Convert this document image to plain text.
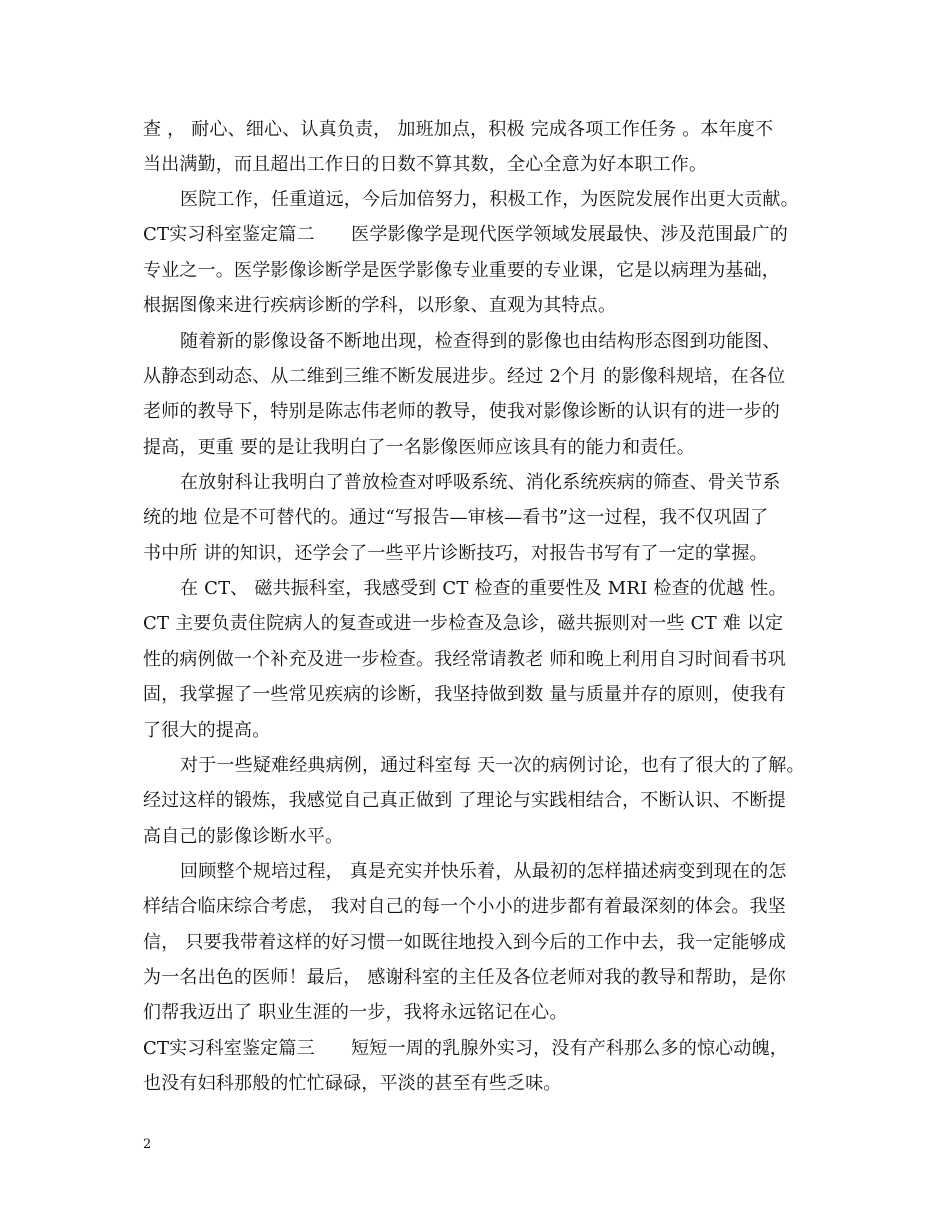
查 ， 耐心、细心、认真负责， 加班加点，积极 完成各项工作任务 。本年度不
当出满勤，而且超出工作日的日数不算其数，全心全意为好本职工作。
医院工作，任重道远，今后加倍努力，积极工作，为医院发展作出更大贡献。
CT实习科室鉴定篇二　　医学影像学是现代医学领域发展最快、涉及范围最广的
专业之一。医学影像诊断学是医学影像专业重要的专业课，它是以病理为基础，
根据图像来进行疾病诊断的学科，以形象、直观为其特点。
随着新的影像设备不断地出现，检查得到的影像也由结构形态图到功能图、
从静态到动态、从二维到三维不断发展进步。经过 2个月 的影像科规培，在各位
老师的教导下，特别是陈志伟老师的教导，使我对影像诊断的认识有的进一步的
提高，更重 要的是让我明白了一名影像医师应该具有的能力和责任。
在放射科让我明白了普放检查对呼吸系统、消化系统疾病的筛查、骨关节系
统的地 位是不可替代的。通过“写报告—审核—看书”这一过程，我不仅巩固了
书中所 讲的知识，还学会了一些平片诊断技巧，对报告书写有了一定的掌握。
在 CT、 磁共振科室，我感受到 CT 检查的重要性及 MRI 检查的优越 性。
CT 主要负责住院病人的复查或进一步检查及急诊，磁共振则对一些 CT 难 以定
性的病例做一个补充及进一步检查。我经常请教老 师和晚上利用自习时间看书巩
固，我掌握了一些常见疾病的诊断，我坚持做到数 量与质量并存的原则，使我有
了很大的提高。
对于一些疑难经典病例，通过科室每 天一次的病例讨论，也有了很大的了解。
经过这样的锻炼，我感觉自己真正做到 了理论与实践相结合，不断认识、不断提
高自己的影像诊断水平。
回顾整个规培过程， 真是充实并快乐着，从最初的怎样描述病变到现在的怎
样结合临床综合考虑， 我对自己的每一个小小的进步都有着最深刻的体会。我坚
信， 只要我带着这样的好习惯一如既往地投入到今后的工作中去，我一定能够成
为一名出色的医师！最后， 感谢科室的主任及各位老师对我的教导和帮助，是你
们帮我迈出了 职业生涯的一步，我将永远铭记在心。
CT实习科室鉴定篇三　　短短一周的乳腺外实习，没有产科那么多的惊心动魄，
也没有妇科那般的忙忙碌碌，平淡的甚至有些乏味。
2
